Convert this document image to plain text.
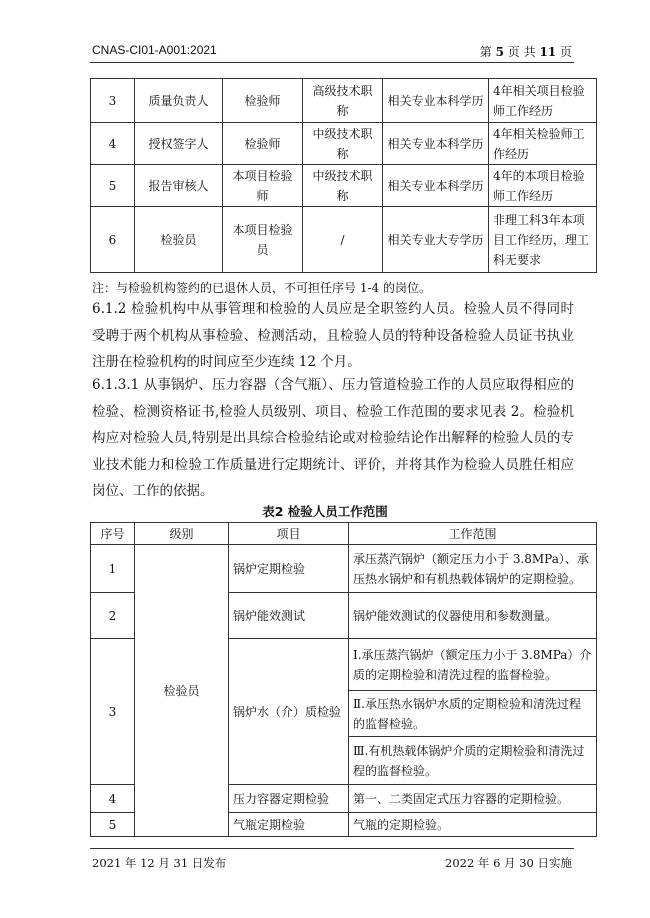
CNAS-CI01-A001:2021	第 5 页 共 11 页
3	质量负责人	检验师	高级技术职称	相关专业本科学历	4年相关项目检验师工作经历
4	授权签字人	检验师	中级技术职称	相关专业本科学历	4年相关检验师工作经历
5	报告审核人	本项目检验师	中级技术职称	相关专业本科学历	4年的本项目检验师工作经历
6	检验员	本项目检验员	/	相关专业大专学历	非理工科3年本项目工作经历，理工科无要求
注：与检验机构签约的已退休人员，不可担任序号 1-4 的岗位。
6.1.2 检验机构中从事管理和检验的人员应是全职签约人员。检验人员不得同时受聘于两个机构从事检验、检测活动，且检验人员的特种设备检验人员证书执业注册在检验机构的时间应至少连续 12 个月。
6.1.3.1 从事锅炉、压力容器（含气瓶）、压力管道检验工作的人员应取得相应的检验、检测资格证书,检验人员级别、项目、检验工作范围的要求见表 2。检验机构应对检验人员,特别是出具综合检验结论或对检验结论作出解释的检验人员的专业技术能力和检验工作质量进行定期统计、评价，并将其作为检验人员胜任相应岗位、工作的依据。
表2 检验人员工作范围
序号	级别	项目	工作范围
1	检验员	锅炉定期检验	承压蒸汽锅炉（额定压力小于 3.8MPa）、承压热水锅炉和有机热载体锅炉的定期检验。
2		锅炉能效测试	锅炉能效测试的仪器使用和参数测量。
3		锅炉水（介）质检验	Ⅰ.承压蒸汽锅炉（额定压力小于 3.8MPa）介质的定期检验和清洗过程的监督检验。
			Ⅱ.承压热水锅炉水质的定期检验和清洗过程的监督检验。
			Ⅲ.有机热载体锅炉介质的定期检验和清洗过程的监督检验。
4		压力容器定期检验	第一、二类固定式压力容器的定期检验。
5		气瓶定期检验	气瓶的定期检验。
2021 年 12 月 31 日发布	2022 年 6 月 30 日实施
